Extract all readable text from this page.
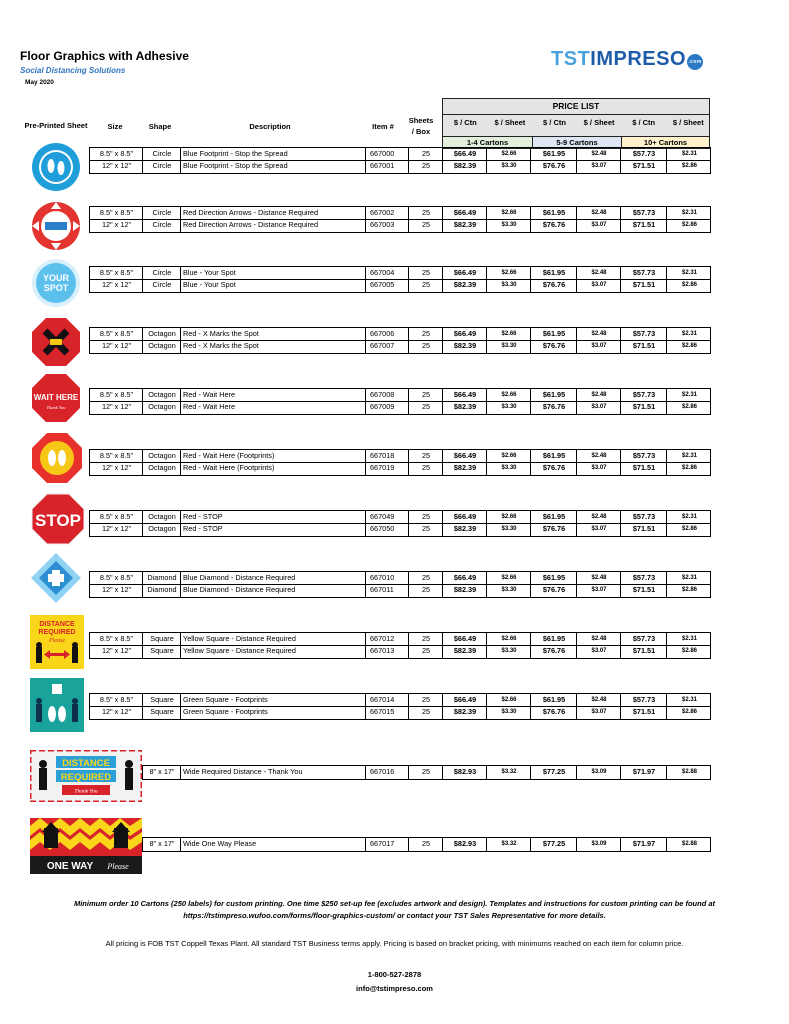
Floor Graphics with Adhesive
Social Distancing Solutions
May 2020
TSTIMPRESO .com
Pre-Printed Sheet	Size	Shape	Description	Item #
Sheets / Box
PRICE LIST
$ / Ctn	$ / Sheet	$ / Ctn	$ / Sheet	$ / Ctn	$ / Sheet
1-4 Cartons	5-9 Cartons	10+ Cartons
YOUR
SPOT
WAIT HERE
Thank You
STOP
DISTANCE
REQUIRED
Please
DISTANCE
REQUIRED
Thank You
ONE WAY Please
8.5" x 8.5"	Circle	Blue Footprint - Stop the Spread	667000	25	$66.49	$2.66	$61.95	$2.48	$57.73	$2.31
12" x 12"	Circle	Blue Footprint - Stop the Spread	667001	25	$82.39	$3.30	$76.76	$3.07	$71.51	$2.86
8.5" x 8.5"	Circle	Red Direction Arrows - Distance Required	667002	25	$66.49	$2.66	$61.95	$2.48	$57.73	$2.31
12" x 12"	Circle	Red Direction Arrows - Distance Required	667003	25	$82.39	$3.30	$76.76	$3.07	$71.51	$2.86
8.5" x 8.5"	Circle	Blue - Your Spot	667004	25	$66.49	$2.66	$61.95	$2.48	$57.73	$2.31
12" x 12"	Circle	Blue - Your Spot	667005	25	$82.39	$3.30	$76.76	$3.07	$71.51	$2.86
8.5" x 8.5"	Octagon Red - X Marks the Spot	667006	25	$66.49	$2.66	$61.95	$2.48	$57.73	$2.31
12" x 12"	Octagon Red - X Marks the Spot	667007	25	$82.39	$3.30	$76.76	$3.07	$71.51	$2.86
8.5" x 8.5"	Octagon Red - Wait Here	667008	25	$66.49	$2.66	$61.95	$2.48	$57.73	$2.31
12" x 12"	Octagon Red - Wait Here	667009	25	$82.39	$3.30	$76.76	$3.07	$71.51	$2.86
8.5" x 8.5"	Octagon Red - Wait Here (Footprints)	667018	25	$66.49	$2.66	$61.95	$2.48	$57.73	$2.31
12" x 12"	Octagon Red - Wait Here (Footprints)	667019	25	$82.39	$3.30	$76.76	$3.07	$71.51	$2.86
8.5" x 8.5"	Octagon Red - STOP	667049	25	$66.49	$2.66	$61.95	$2.48	$57.73	$2.31
12" x 12"	Octagon Red - STOP	667050	25	$82.39	$3.30	$76.76	$3.07	$71.51	$2.86
8.5" x 8.5"	Diamond Blue Diamond - Distance Required	667010	25	$66.49	$2.66	$61.95	$2.48	$57.73	$2.31
12" x 12"	Diamond Blue Diamond - Distance Required	667011	25	$82.39	$3.30	$76.76	$3.07	$71.51	$2.86
8.5" x 8.5"	Square	Yellow Square - Distance Required	667012	25	$66.49	$2.66	$61.95	$2.48	$57.73	$2.31
12" x 12"	Square	Yellow Square - Distance Required	667013	25	$82.39	$3.30	$76.76	$3.07	$71.51	$2.86
8.5" x 8.5"	Square	Green Square - Footprints	667014	25	$66.49	$2.66	$61.95	$2.48	$57.73	$2.31
12" x 12"	Square	Green Square - Footprints	667015	25	$82.39	$3.30	$76.76	$3.07	$71.51	$2.86
8" x 17"	Wide Required Distance - Thank You	667016	25	$82.93	$3.32	$77.25	$3.09	$71.97	$2.88
8" x 17"	Wide One Way Please	667017	25	$82.93	$3.32	$77.25	$3.09	$71.97	$2.88
Minimum order 10 Cartons (250 labels) for custom printing. One time $250 set-up fee (excludes artwork and design). Templates and instructions for custom printing can be found at
https://tstimpreso.wufoo.com/forms/floor-graphics-custom/ or contact your TST Sales Representative for more details.
All pricing is FOB TST Coppell Texas Plant. All standard TST Business terms apply. Pricing is based on bracket pricing, with minimums reached on each item for column price.
1-800-527-2878
info@tstimpreso.com
